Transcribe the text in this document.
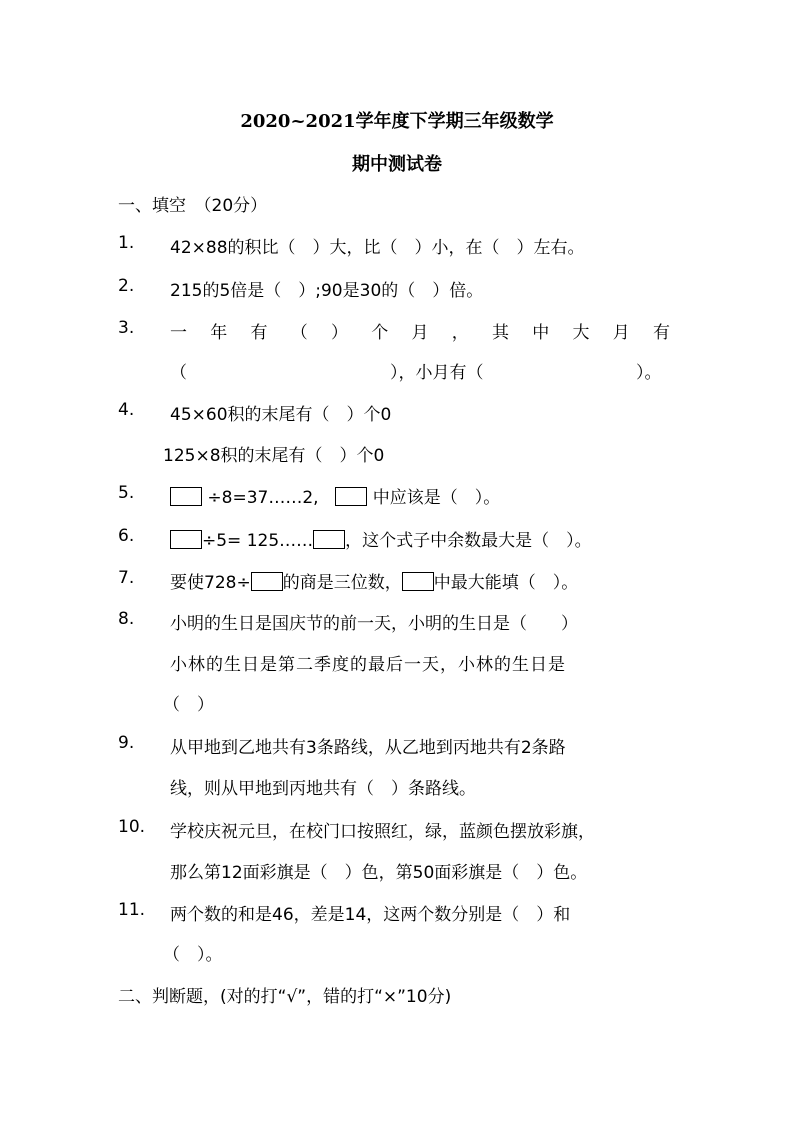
2020~2021学年度下学期三年级数学
期中测试卷
一、填空　（20分）
1. 42×88的积比（　）大，比（　）小，在（　）左右。
2. 215的5倍是（　）;90是30的（　）倍。
3. 一 年 有 （ ） 个 月 ， 其 中 大 月 有
（	），小月有（	）。
4. 45×60积的末尾有（　）个0
125×8积的末尾有（　）个0
5.	÷8=37……2,	中应该是（　）。
6.	÷5= 125…… ，这个式子中余数最大是（　）。
7. 要使728÷ 的商是三位数， 中最大能填（　）。
8. 小明的生日是国庆节的前一天，小明的生日是（　　）
小林的生日是第二季度的最后一天，小林的生日是
（　）
9. 从甲地到乙地共有3条路线，从乙地到丙地共有2条路
线，则从甲地到丙地共有（　）条路线。
10. 学校庆祝元旦，在校门口按照红，绿，蓝颜色摆放彩旗，
那么第12面彩旗是（　）色，第50面彩旗是（　）色。
11. 两个数的和是46，差是14，这两个数分别是（　）和
（　）。
二、判断题，(对的打“√”，错的打“×”10分)
